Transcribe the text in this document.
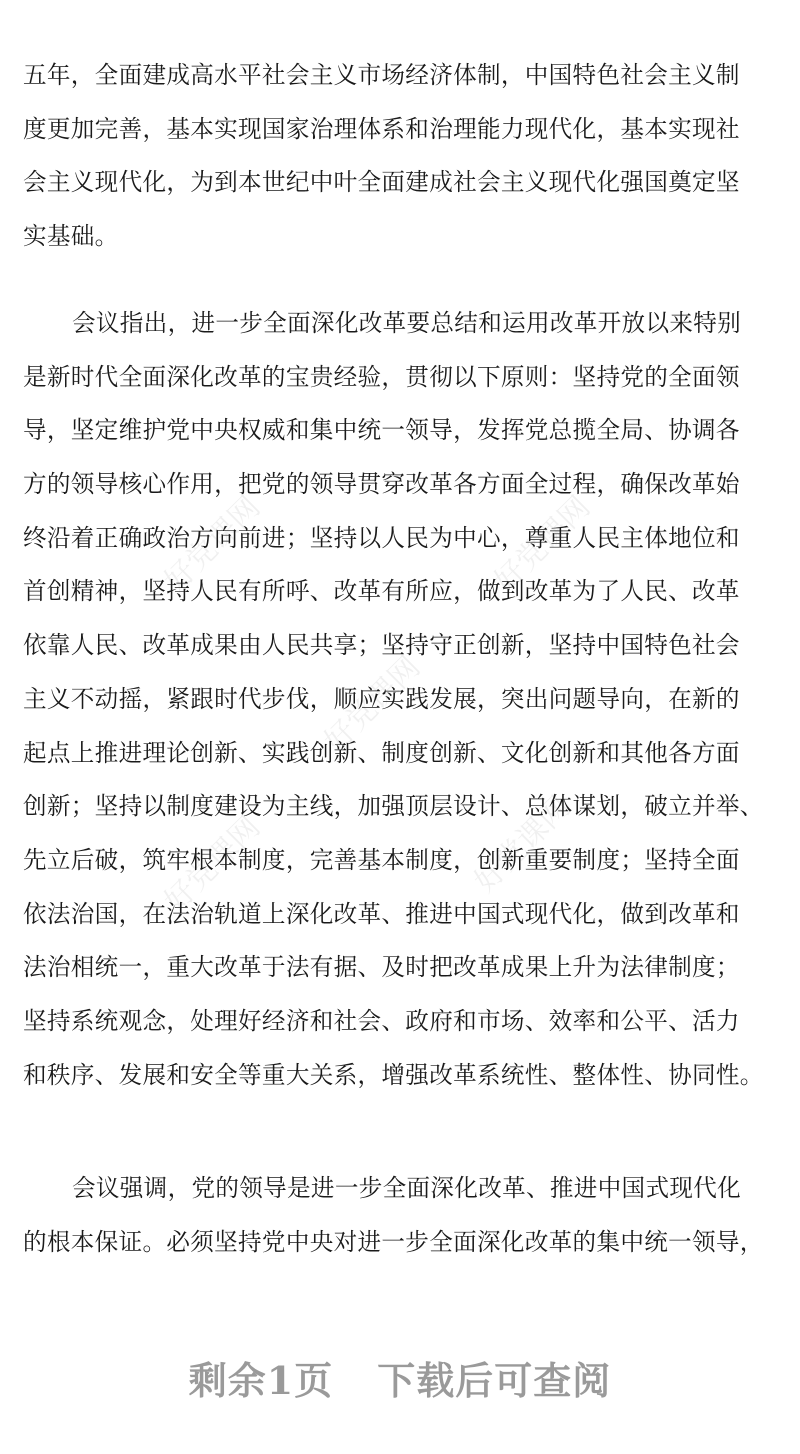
好党课网	好党课网
好党课网
好党课网	好党课网
五年，全面建成高水平社会主义市场经济体制，中国特色社会主义制
度更加完善，基本实现国家治理体系和治理能力现代化，基本实现社
会主义现代化，为到本世纪中叶全面建成社会主义现代化强国奠定坚
实基础。
会议指出，进一步全面深化改革要总结和运用改革开放以来特别
是新时代全面深化改革的宝贵经验，贯彻以下原则：坚持党的全面领
导，坚定维护党中央权威和集中统一领导，发挥党总揽全局、协调各
方的领导核心作用，把党的领导贯穿改革各方面全过程，确保改革始
终沿着正确政治方向前进；坚持以人民为中心，尊重人民主体地位和
首创精神，坚持人民有所呼、改革有所应，做到改革为了人民、改革
依靠人民、改革成果由人民共享；坚持守正创新，坚持中国特色社会
主义不动摇，紧跟时代步伐，顺应实践发展，突出问题导向，在新的
起点上推进理论创新、实践创新、制度创新、文化创新和其他各方面
创新；坚持以制度建设为主线，加强顶层设计、总体谋划，破立并举、
先立后破，筑牢根本制度，完善基本制度，创新重要制度；坚持全面
依法治国，在法治轨道上深化改革、推进中国式现代化，做到改革和
法治相统一，重大改革于法有据、及时把改革成果上升为法律制度；
坚持系统观念，处理好经济和社会、政府和市场、效率和公平、活力
和秩序、发展和安全等重大关系，增强改革系统性、整体性、协同性。
会议强调，党的领导是进一步全面深化改革、推进中国式现代化
的根本保证。必须坚持党中央对进一步全面深化改革的集中统一领导，
剩余1页 下载后可查阅
